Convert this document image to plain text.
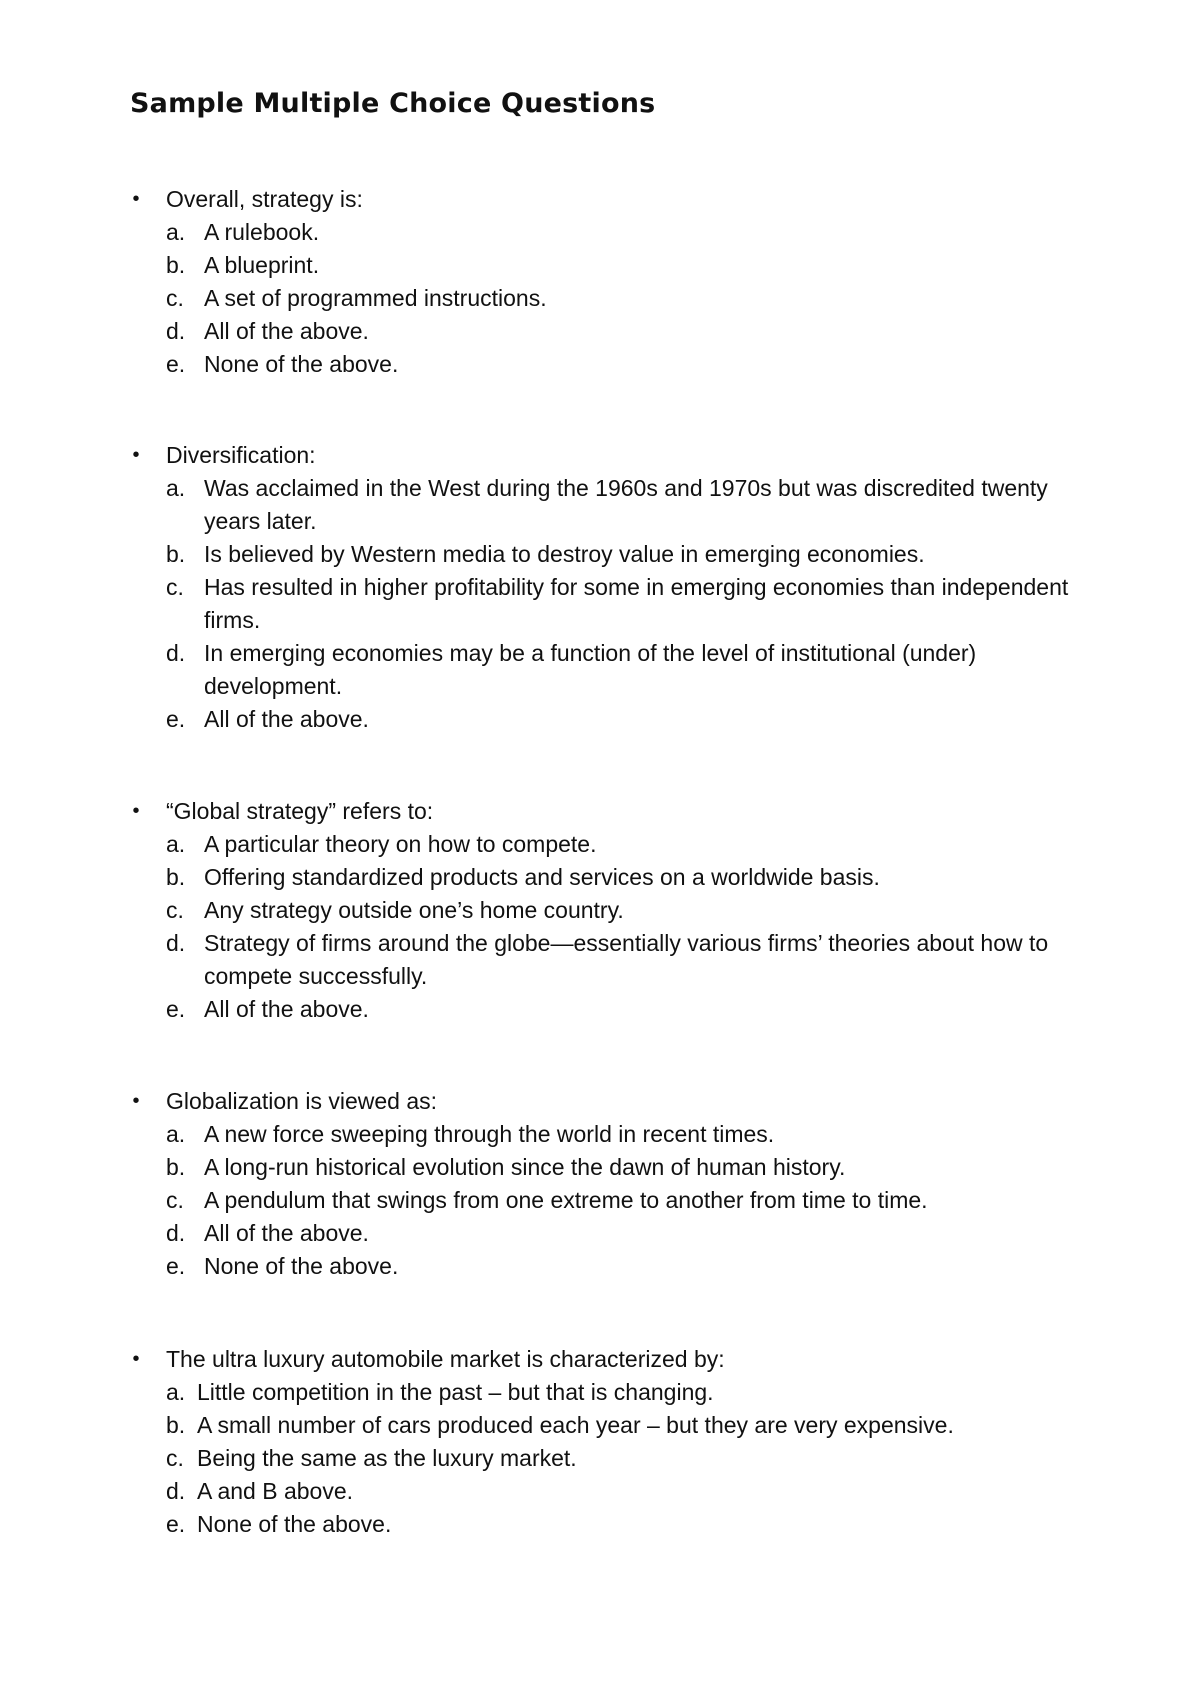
Sample Multiple Choice Questions
• Overall, strategy is:
a. A rulebook.
b. A blueprint.
c. A set of programmed instructions.
d. All of the above.
e. None of the above.
• Diversification:
a. Was acclaimed in the West during the 1960s and 1970s but was discredited twenty years later.
b. Is believed by Western media to destroy value in emerging economies.
c. Has resulted in higher profitability for some in emerging economies than independent firms.
d. In emerging economies may be a function of the level of institutional (under) development.
e. All of the above.
• “Global strategy” refers to:
a. A particular theory on how to compete.
b. Offering standardized products and services on a worldwide basis.
c. Any strategy outside one’s home country.
d. Strategy of firms around the globe—essentially various firms’ theories about how to compete successfully.
e. All of the above.
• Globalization is viewed as:
a. A new force sweeping through the world in recent times.
b. A long-run historical evolution since the dawn of human history.
c. A pendulum that swings from one extreme to another from time to time.
d. All of the above.
e. None of the above.
• The ultra luxury automobile market is characterized by:
a. Little competition in the past – but that is changing.
b. A small number of cars produced each year – but they are very expensive.
c. Being the same as the luxury market.
d. A and B above.
e. None of the above.
